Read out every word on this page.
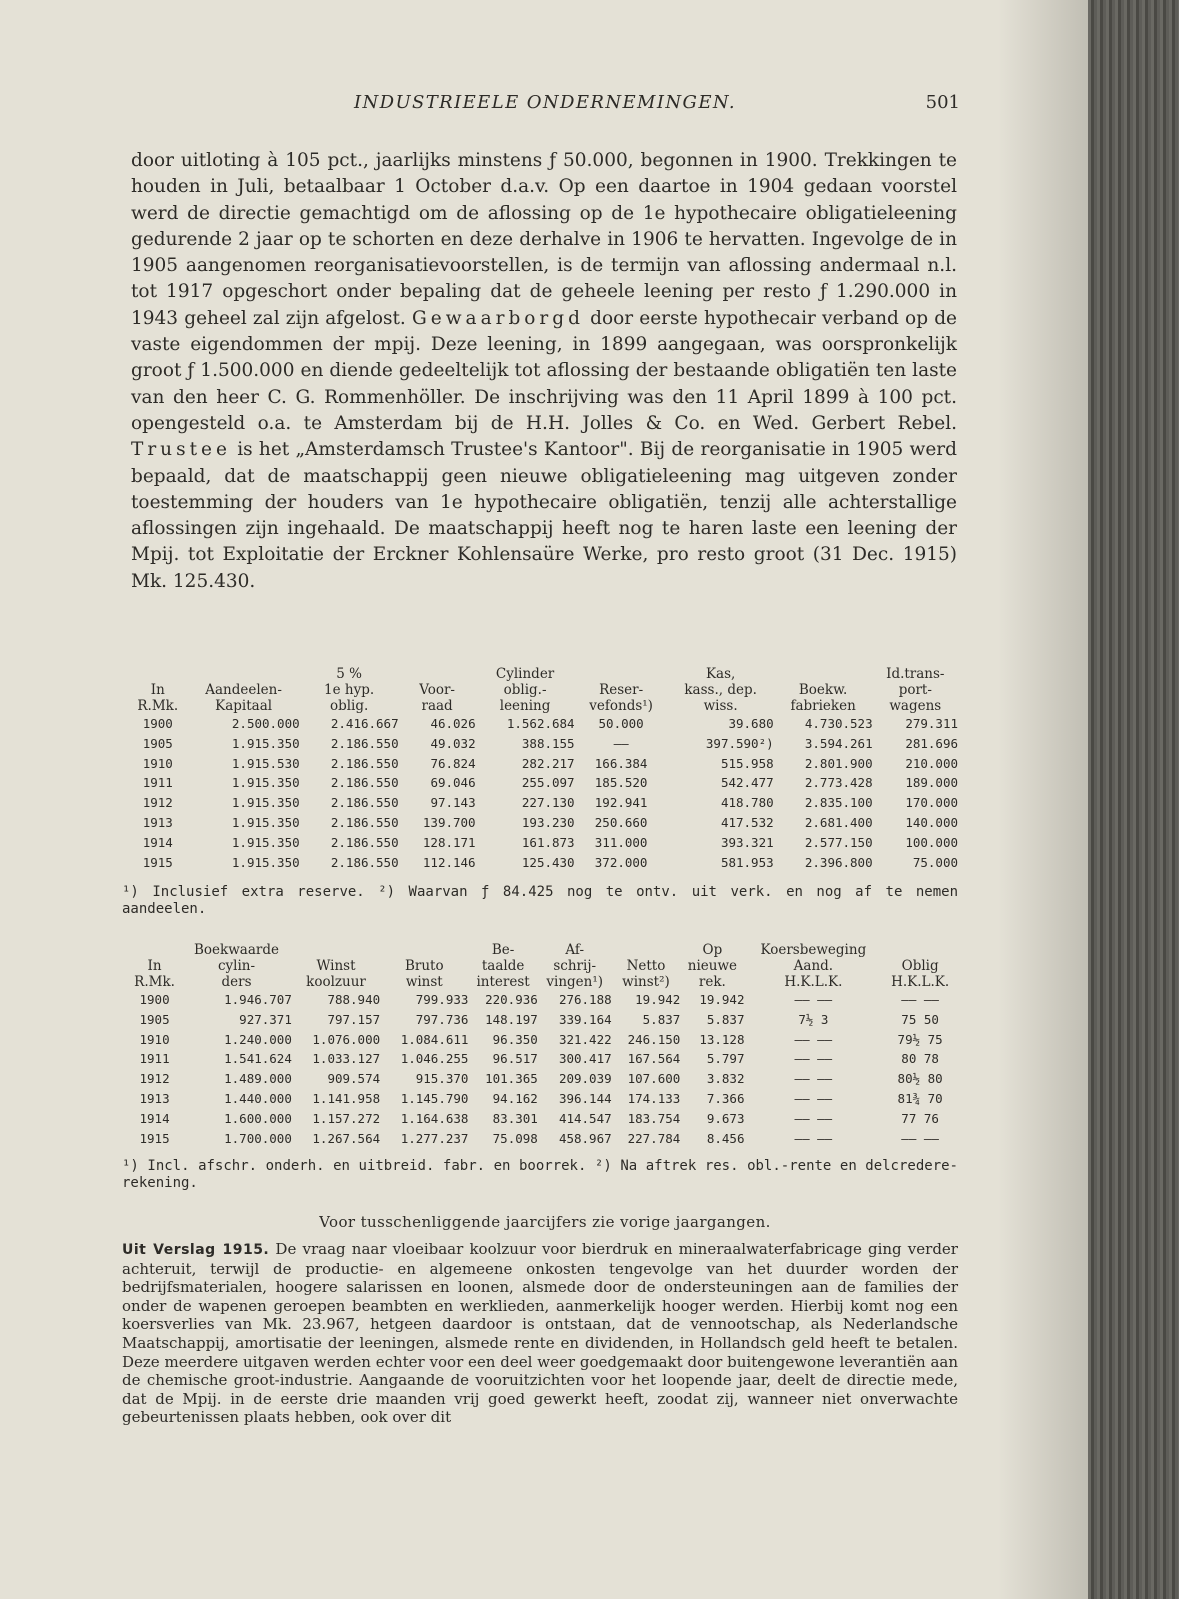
INDUSTRIEELE ONDERNEMINGEN.	501

door uitloting à 105 pct., jaarlijks minstens ƒ 50.000, begonnen in 1900. Trekkingen te houden in Juli, betaalbaar 1 October d.a.v. Op een daartoe in 1904 gedaan voorstel werd de directie gemachtigd om de aflossing op de 1e hypothecaire obligatieleening gedurende 2 jaar op te schorten en deze derhalve in 1906 te hervatten. Ingevolge de in 1905 aangenomen reorganisatievoorstellen, is de termijn van aflossing andermaal n.l. tot 1917 opgeschort onder bepaling dat de geheele leening per resto ƒ 1.290.000 in 1943 geheel zal zijn afgelost. Gewaarborgd door eerste hypothecair verband op de vaste eigendommen der mpij. Deze leening, in 1899 aangegaan, was oorspronkelijk groot ƒ 1.500.000 en diende gedeeltelijk tot aflossing der bestaande obligatiën ten laste van den heer C. G. Rommenhöller. De inschrijving was den 11 April 1899 à 100 pct. opengesteld o.a. te Amsterdam bij de H.H. Jolles & Co. en Wed. Gerbert Rebel. Trustee is het „Amsterdamsch Trustee's Kantoor". Bij de reorganisatie in 1905 werd bepaald, dat de maatschappij geen nieuwe obligatieleening mag uitgeven zonder toestemming der houders van 1e hypothecaire obligatiën, tenzij alle achterstallige aflossingen zijn ingehaald. De maatschappij heeft nog te haren laste een leening der Mpij. tot Exploitatie der Erckner Kohlensaüre Werke, pro resto groot (31 Dec. 1915) Mk. 125.430.

		5 %		Cylinder		Kas,		Id.trans-
In	Aandeelen-	1e hyp.	Voor-	oblig.-	Reser-	kass., dep.	Boekw.	port-
R.Mk.	Kapitaal	oblig.	raad	leening	vefonds¹)	wiss.	fabrieken	wagens
1900	2.500.000	2.416.667	46.026	1.562.684	50.000	39.680	4.730.523	279.311
1905	1.915.350	2.186.550	49.032	388.155	——	397.590²)	3.594.261	281.696
1910	1.915.530	2.186.550	76.824	282.217	166.384	515.958	2.801.900	210.000
1911	1.915.350	2.186.550	69.046	255.097	185.520	542.477	2.773.428	189.000
1912	1.915.350	2.186.550	97.143	227.130	192.941	418.780	2.835.100	170.000
1913	1.915.350	2.186.550	139.700	193.230	250.660	417.532	2.681.400	140.000
1914	1.915.350	2.186.550	128.171	161.873	311.000	393.321	2.577.150	100.000
1915	1.915.350	2.186.550	112.146	125.430	372.000	581.953	2.396.800	75.000
¹) Inclusief extra reserve. ²) Waarvan ƒ 84.425 nog te ontv. uit verk. en nog af te nemen aandeelen.
	Boekwaarde			Be-	Af-		Op	Koersbeweging	
In	cylin-	Winst	Bruto	taalde	schrij-	Netto	nieuwe	Aand.	Oblig
R.Mk.	ders	koolzuur	winst	interest	vingen¹)	winst²)	rek.	H.K.L.K.	H.K.L.K.
1900	1.946.707	788.940	799.933	220.936	276.188	19.942	19.942	—— ——	—— ——
1905	927.371	797.157	797.736	148.197	339.164	5.837	5.837	7½ 3	75 50
1910	1.240.000	1.076.000	1.084.611	96.350	321.422	246.150	13.128	—— ——	79½ 75
1911	1.541.624	1.033.127	1.046.255	96.517	300.417	167.564	5.797	—— ——	80 78
1912	1.489.000	909.574	915.370	101.365	209.039	107.600	3.832	—— ——	80½ 80
1913	1.440.000	1.141.958	1.145.790	94.162	396.144	174.133	7.366	—— ——	81¾ 70
1914	1.600.000	1.157.272	1.164.638	83.301	414.547	183.754	9.673	—— ——	77 76
1915	1.700.000	1.267.564	1.277.237	75.098	458.967	227.784	8.456	—— ——	—— ——
¹) Incl. afschr. onderh. en uitbreid. fabr. en boorrek. ²) Na aftrek res. obl.-rente en delcredere-rekening.
Voor tusschenliggende jaarcijfers zie vorige jaargangen.

Uit Verslag 1915. De vraag naar vloeibaar koolzuur voor bierdruk en mineraalwaterfabricage ging verder achteruit, terwijl de productie- en algemeene onkosten tengevolge van het duurder worden der bedrijfsmaterialen, hoogere salarissen en loonen, alsmede door de ondersteuningen aan de families der onder de wapenen geroepen beambten en werklieden, aanmerkelijk hooger werden. Hierbij komt nog een koersverlies van Mk. 23.967, hetgeen daardoor is ontstaan, dat de vennootschap, als Nederlandsche Maatschappij, amortisatie der leeningen, alsmede rente en dividenden, in Hollandsch geld heeft te betalen. Deze meerdere uitgaven werden echter voor een deel weer goedgemaakt door buitengewone leverantiën aan de chemische groot-industrie. Aangaande de vooruitzichten voor het loopende jaar, deelt de directie mede, dat de Mpij. in de eerste drie maanden vrij goed gewerkt heeft, zoodat zij, wanneer niet onverwachte gebeurtenissen plaats hebben, ook over dit
